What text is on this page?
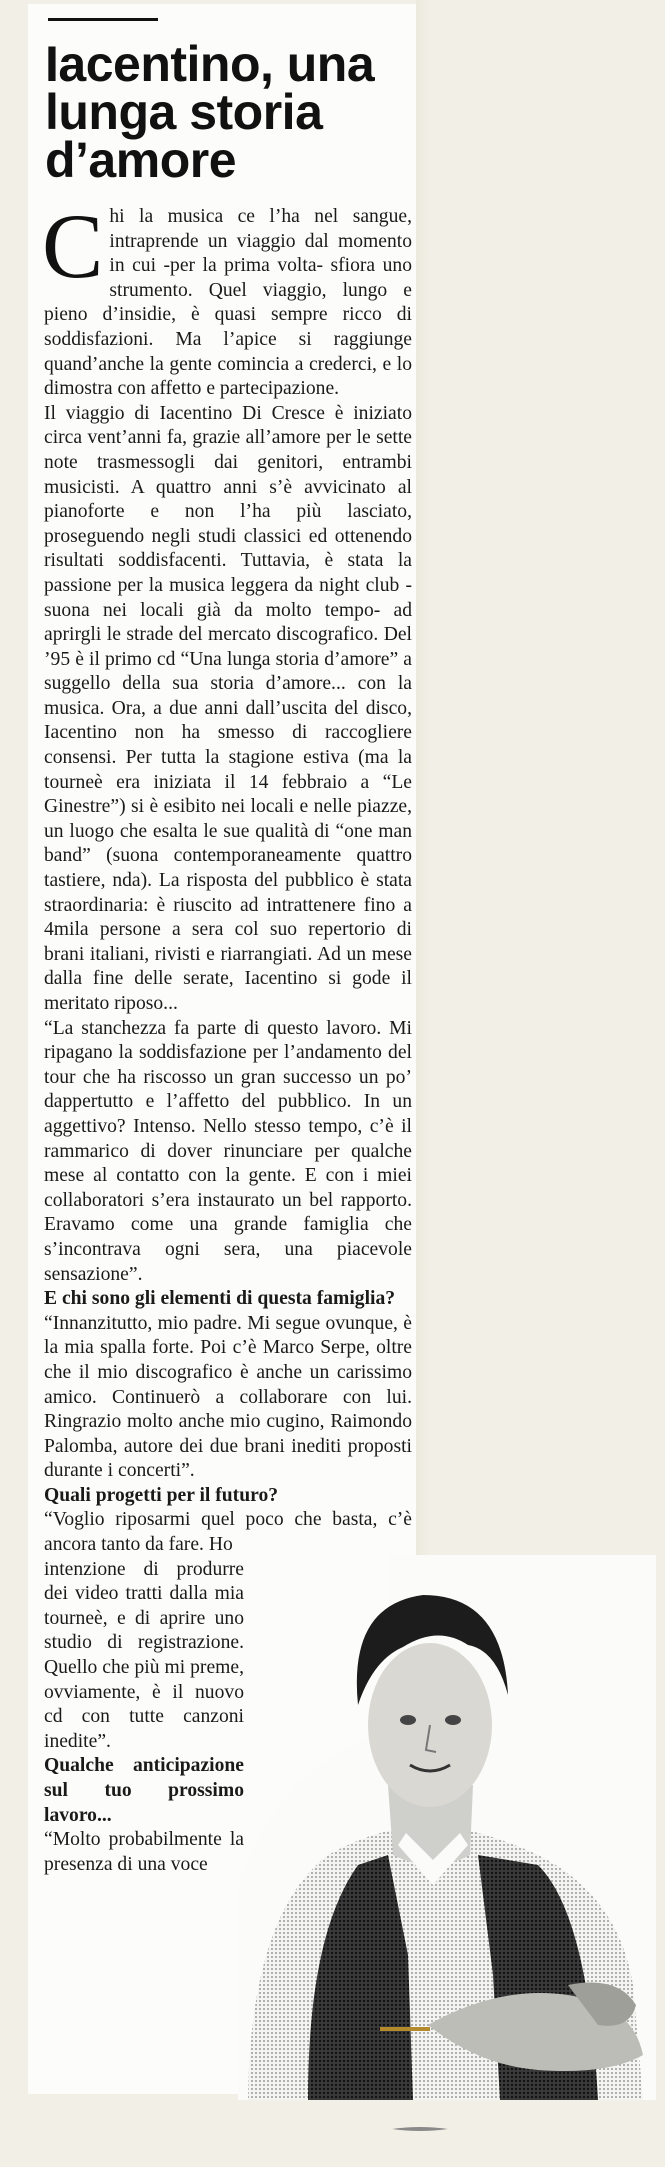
Iacentino, una
lunga storia
d’amore

Chi la musica ce l’ha nel sangue, intraprende un viaggio dal momento in cui -per la prima volta- sfiora uno strumento. Quel viaggio, lungo e pieno d’insidie, è quasi sempre ricco di soddisfazioni. Ma l’apice si raggiunge quand’anche la gente comincia a crederci, e lo dimostra con affetto e partecipazione.

Il viaggio di Iacentino Di Cresce è iniziato circa vent’anni fa, grazie all’amore per le sette note trasmessogli dai genitori, entrambi musicisti. A quattro anni s’è avvicinato al pianoforte e non l’ha più lasciato, proseguendo negli studi classici ed ottenendo risultati soddisfacenti. Tuttavia, è stata la passione per la musica leggera da night club -suona nei locali già da molto tempo- ad aprirgli le strade del mercato discografico. Del ’95 è il primo cd “Una lunga storia d’amore” a suggello della sua storia d’amore... con la musica. Ora, a due anni dall’uscita del disco, Iacentino non ha smesso di raccogliere consensi. Per tutta la stagione estiva (ma la tourneè era iniziata il 14 febbraio a “Le Ginestre”) si è esibito nei locali e nelle piazze, un luogo che esalta le sue qualità di “one man band” (suona contemporaneamente quattro tastiere, nda). La risposta del pubblico è stata straordinaria: è riuscito ad intrattenere fino a 4mila persone a sera col suo repertorio di brani italiani, rivisti e riarrangiati. Ad un mese dalla fine delle serate, Iacentino si gode il meritato riposo...

“La stanchezza fa parte di questo lavoro. Mi ripagano la soddisfazione per l’andamento del tour che ha riscosso un gran successo un po’ dappertutto e l’affetto del pubblico. In un aggettivo? Intenso. Nello stesso tempo, c’è il rammarico di dover rinunciare per qualche mese al contatto con la gente. E con i miei collaboratori s’era instaurato un bel rapporto. Eravamo come una grande famiglia che s’incontrava ogni sera, una piacevole sensazione”.

E chi sono gli elementi di questa famiglia?

“Innanzitutto, mio padre. Mi segue ovunque, è la mia spalla forte. Poi c’è Marco Serpe, oltre che il mio discografico è anche un carissimo amico. Continuerò a collaborare con lui. Ringrazio molto anche mio cugino, Raimondo Palomba, autore dei due brani inediti proposti durante i concerti”.

Quali progetti per il futuro?

“Voglio riposarmi quel poco che basta, c’è ancora tanto da fare. Ho

intenzione di produrre dei video tratti dalla mia tourneè, e di aprire uno studio di registrazione. Quello che più mi preme, ovviamente, è il nuovo cd con tutte canzoni inedite”.

Qualche anticipazione sul tuo prossimo lavoro...

“Molto probabilmente la presenza di una voce
